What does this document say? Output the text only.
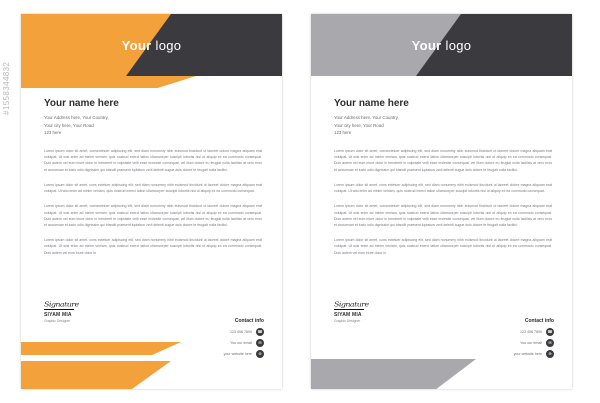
#1558344832
Your logo
Your name here
Your Address here, Your Country,
Your city here, Your Road
123 here
Lorem ipsum dolor sit amet, consectetuer adipiscing elit, sed diam nonummy nibh euismod tincidunt ut laoreet dolore magna aliquam erat volutpat. Ut wisi enim ad minim veniam, quis nostrud exerci tation ullamcorper suscipit lobortis nisl ut aliquip ex ea commodo consequat. Duis autem vel eum iriure dolor in hendrerit in vulputate velit esse molestie consequat, vel illum dolore eu feugiat nulla facilisis at vero eros et accumsan et iusto odio dignissim qui blandit praesent luptatum zzril delenit augue duis dolore te feugait nulla facilisi.
Lorem ipsum dolor sit amet, cons ectetuer adipiscing elit, sed diam nonummy nibh euismod tincidunt ut laoreet dolore magna aliquam erat volutpat. Ut wisi enim ad minim veniam, quis nostrud exerci tation ullamcorper suscipit lobortis nisl ut aliquip ex ea commodo consequat.
Lorem ipsum dolor sit amet, consectetuer adipiscing elit, sed diam nonummy nibh euismod tincidunt ut laoreet dolore magna aliquam erat volutpat. Ut wisi enim ad minim veniam, quis nostrud exerci tation ullamcorper suscipit lobortis nisl ut aliquip ex ea commodo consequat. Duis autem vel eum iriure dolor in hendrerit in vulputate velit esse molestie consequat, vel illum dolore eu feugiat nulla facilisis at vero eros et accumsan et iusto odio dignissim qui blandit praesent luptatum zzril delenit augue duis dolore te feugait nulla facilisi.
Lorem ipsum dolor sit amet, cons ectetuer adipiscing elit, sed diam nonummy nibh euismod tincidunt ut laoreet dolore magna aliquam erat volutpat. Ut wisi enim ad minim veniam, quis nostrud exerci tation ullamcorper suscipit lobortis nisl ut aliquip ex ea commodo consequat. Duis autem vel eum iriure dolor in
Signature
SIYAM MIA
Graphic Designer	Contact info
123 456 7890	☎
You our email	✉
your website here	⊕
Your logo
Your name here
Your Address here, Your Country,
Your city here, Your Road
123 here
Lorem ipsum dolor sit amet, consectetuer adipiscing elit, sed diam nonummy nibh euismod tincidunt ut laoreet dolore magna aliquam erat volutpat. Ut wisi enim ad minim veniam, quis nostrud exerci tation ullamcorper suscipit lobortis nisl ut aliquip ex ea commodo consequat. Duis autem vel eum iriure dolor in hendrerit in vulputate velit esse molestie consequat, vel illum dolore eu feugiat nulla facilisis at vero eros et accumsan et iusto odio dignissim qui blandit praesent luptatum zzril delenit augue duis dolore te feugait nulla facilisi.
Lorem ipsum dolor sit amet, cons ectetuer adipiscing elit, sed diam nonummy nibh euismod tincidunt ut laoreet dolore magna aliquam erat volutpat. Ut wisi enim ad minim veniam, quis nostrud exerci tation ullamcorper suscipit lobortis nisl ut aliquip ex ea commodo consequat.
Lorem ipsum dolor sit amet, consectetuer adipiscing elit, sed diam nonummy nibh euismod tincidunt ut laoreet dolore magna aliquam erat volutpat. Ut wisi enim ad minim veniam, quis nostrud exerci tation ullamcorper suscipit lobortis nisl ut aliquip ex ea commodo consequat. Duis autem vel eum iriure dolor in hendrerit in vulputate velit esse molestie consequat, vel illum dolore eu feugiat nulla facilisis at vero eros et accumsan et iusto odio dignissim qui blandit praesent luptatum zzril delenit augue duis dolore te feugait nulla facilisi.
Lorem ipsum dolor sit amet, cons ectetuer adipiscing elit, sed diam nonummy nibh euismod tincidunt ut laoreet dolore magna aliquam erat volutpat. Ut wisi enim ad minim veniam, quis nostrud exerci tation ullamcorper suscipit lobortis nisl ut aliquip ex ea commodo consequat. Duis autem vel eum iriure dolor in
Signature
SIYAM MIA
Graphic Designer	Contact info
123 456 7890	☎
You our email	✉
your website here	⊕
